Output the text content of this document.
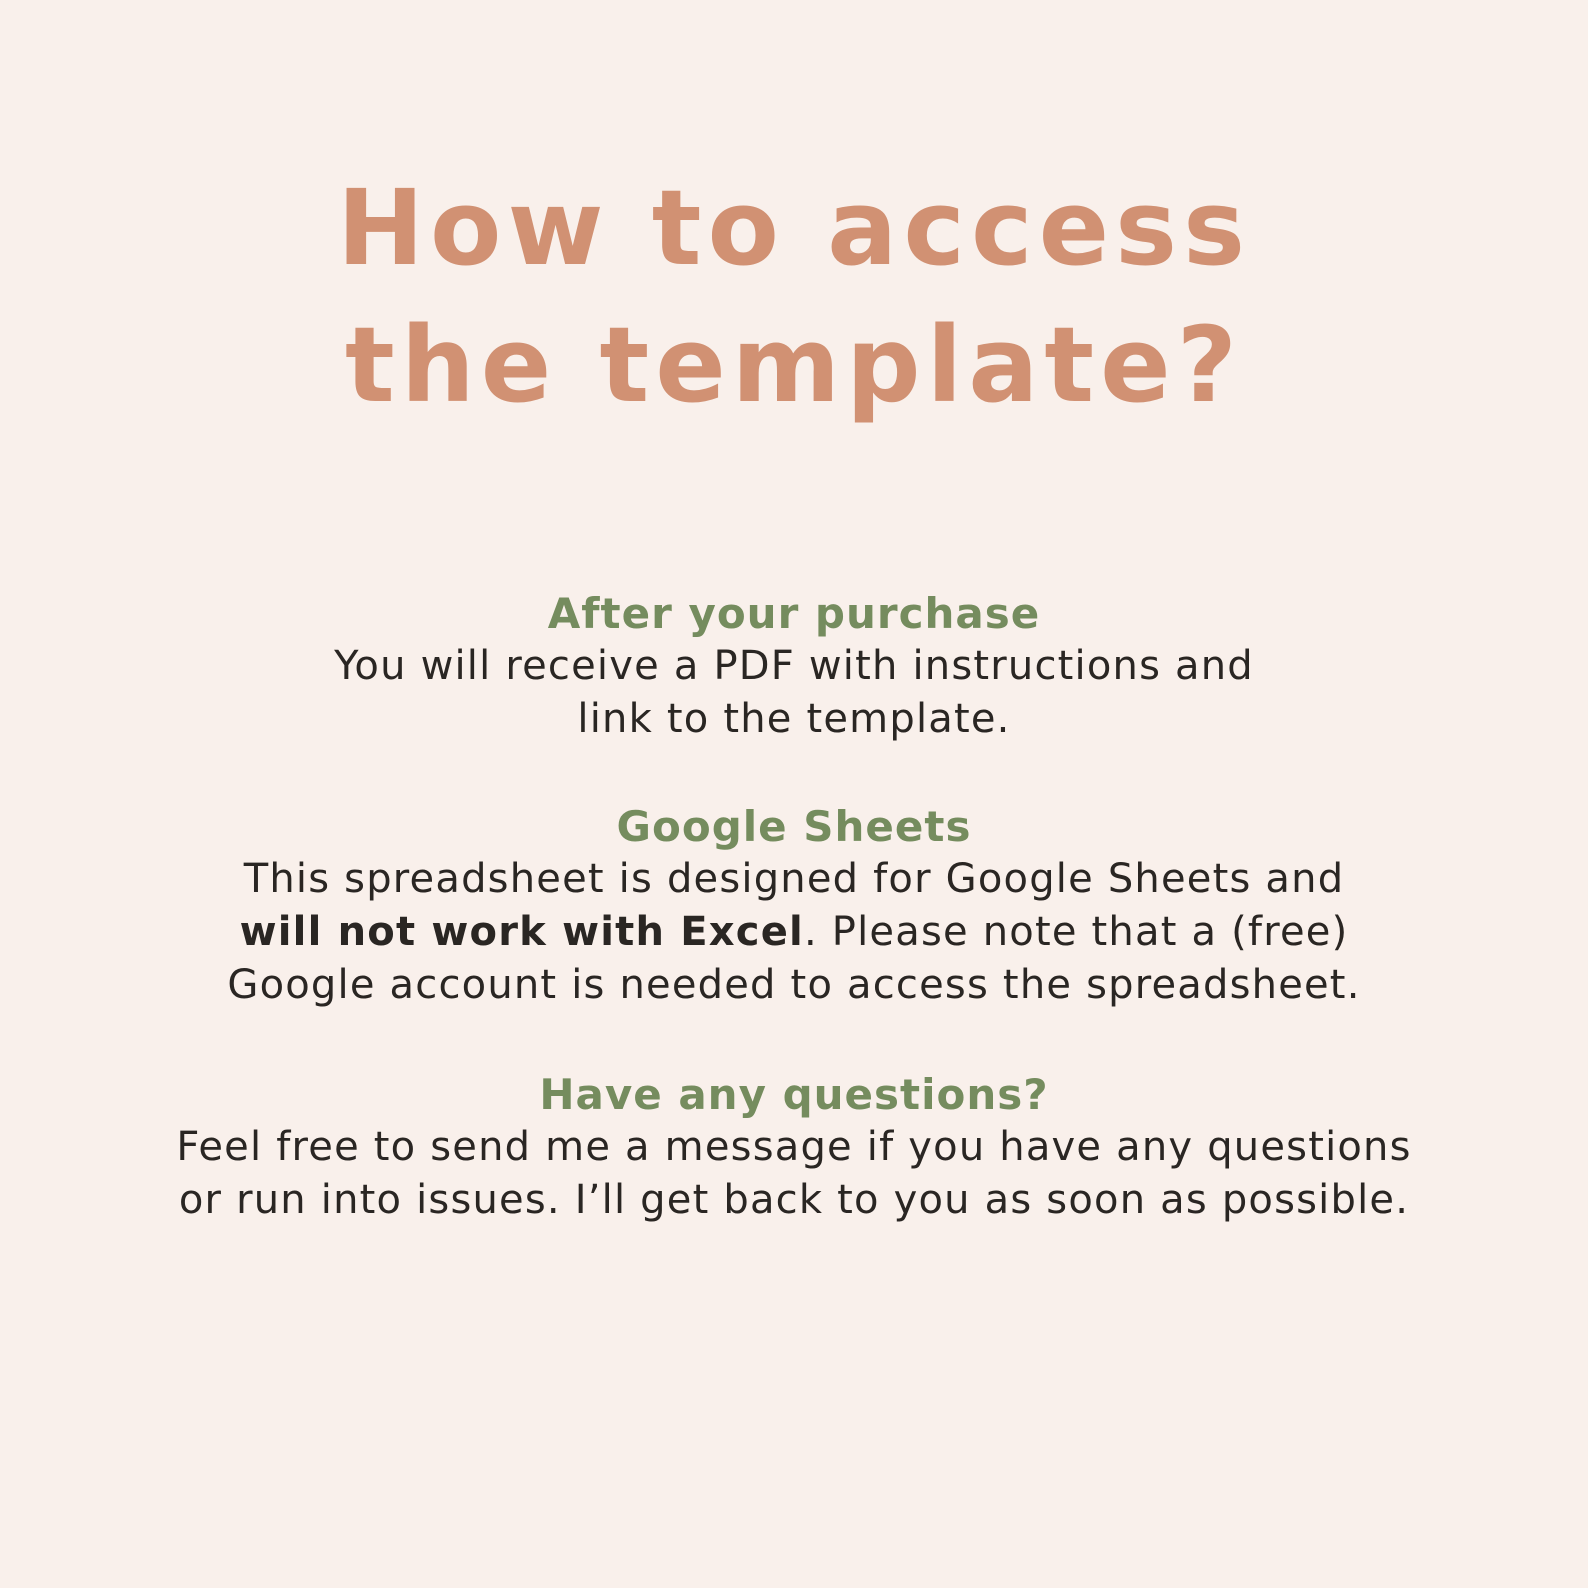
How to access
the template?
After your purchase
You will receive a PDF with instructions and
link to the template.
Google Sheets
This spreadsheet is designed for Google Sheets and
will not work with Excel. Please note that a (free)
Google account is needed to access the spreadsheet.
Have any questions?
Feel free to send me a message if you have any questions
or run into issues. I’ll get back to you as soon as possible.
